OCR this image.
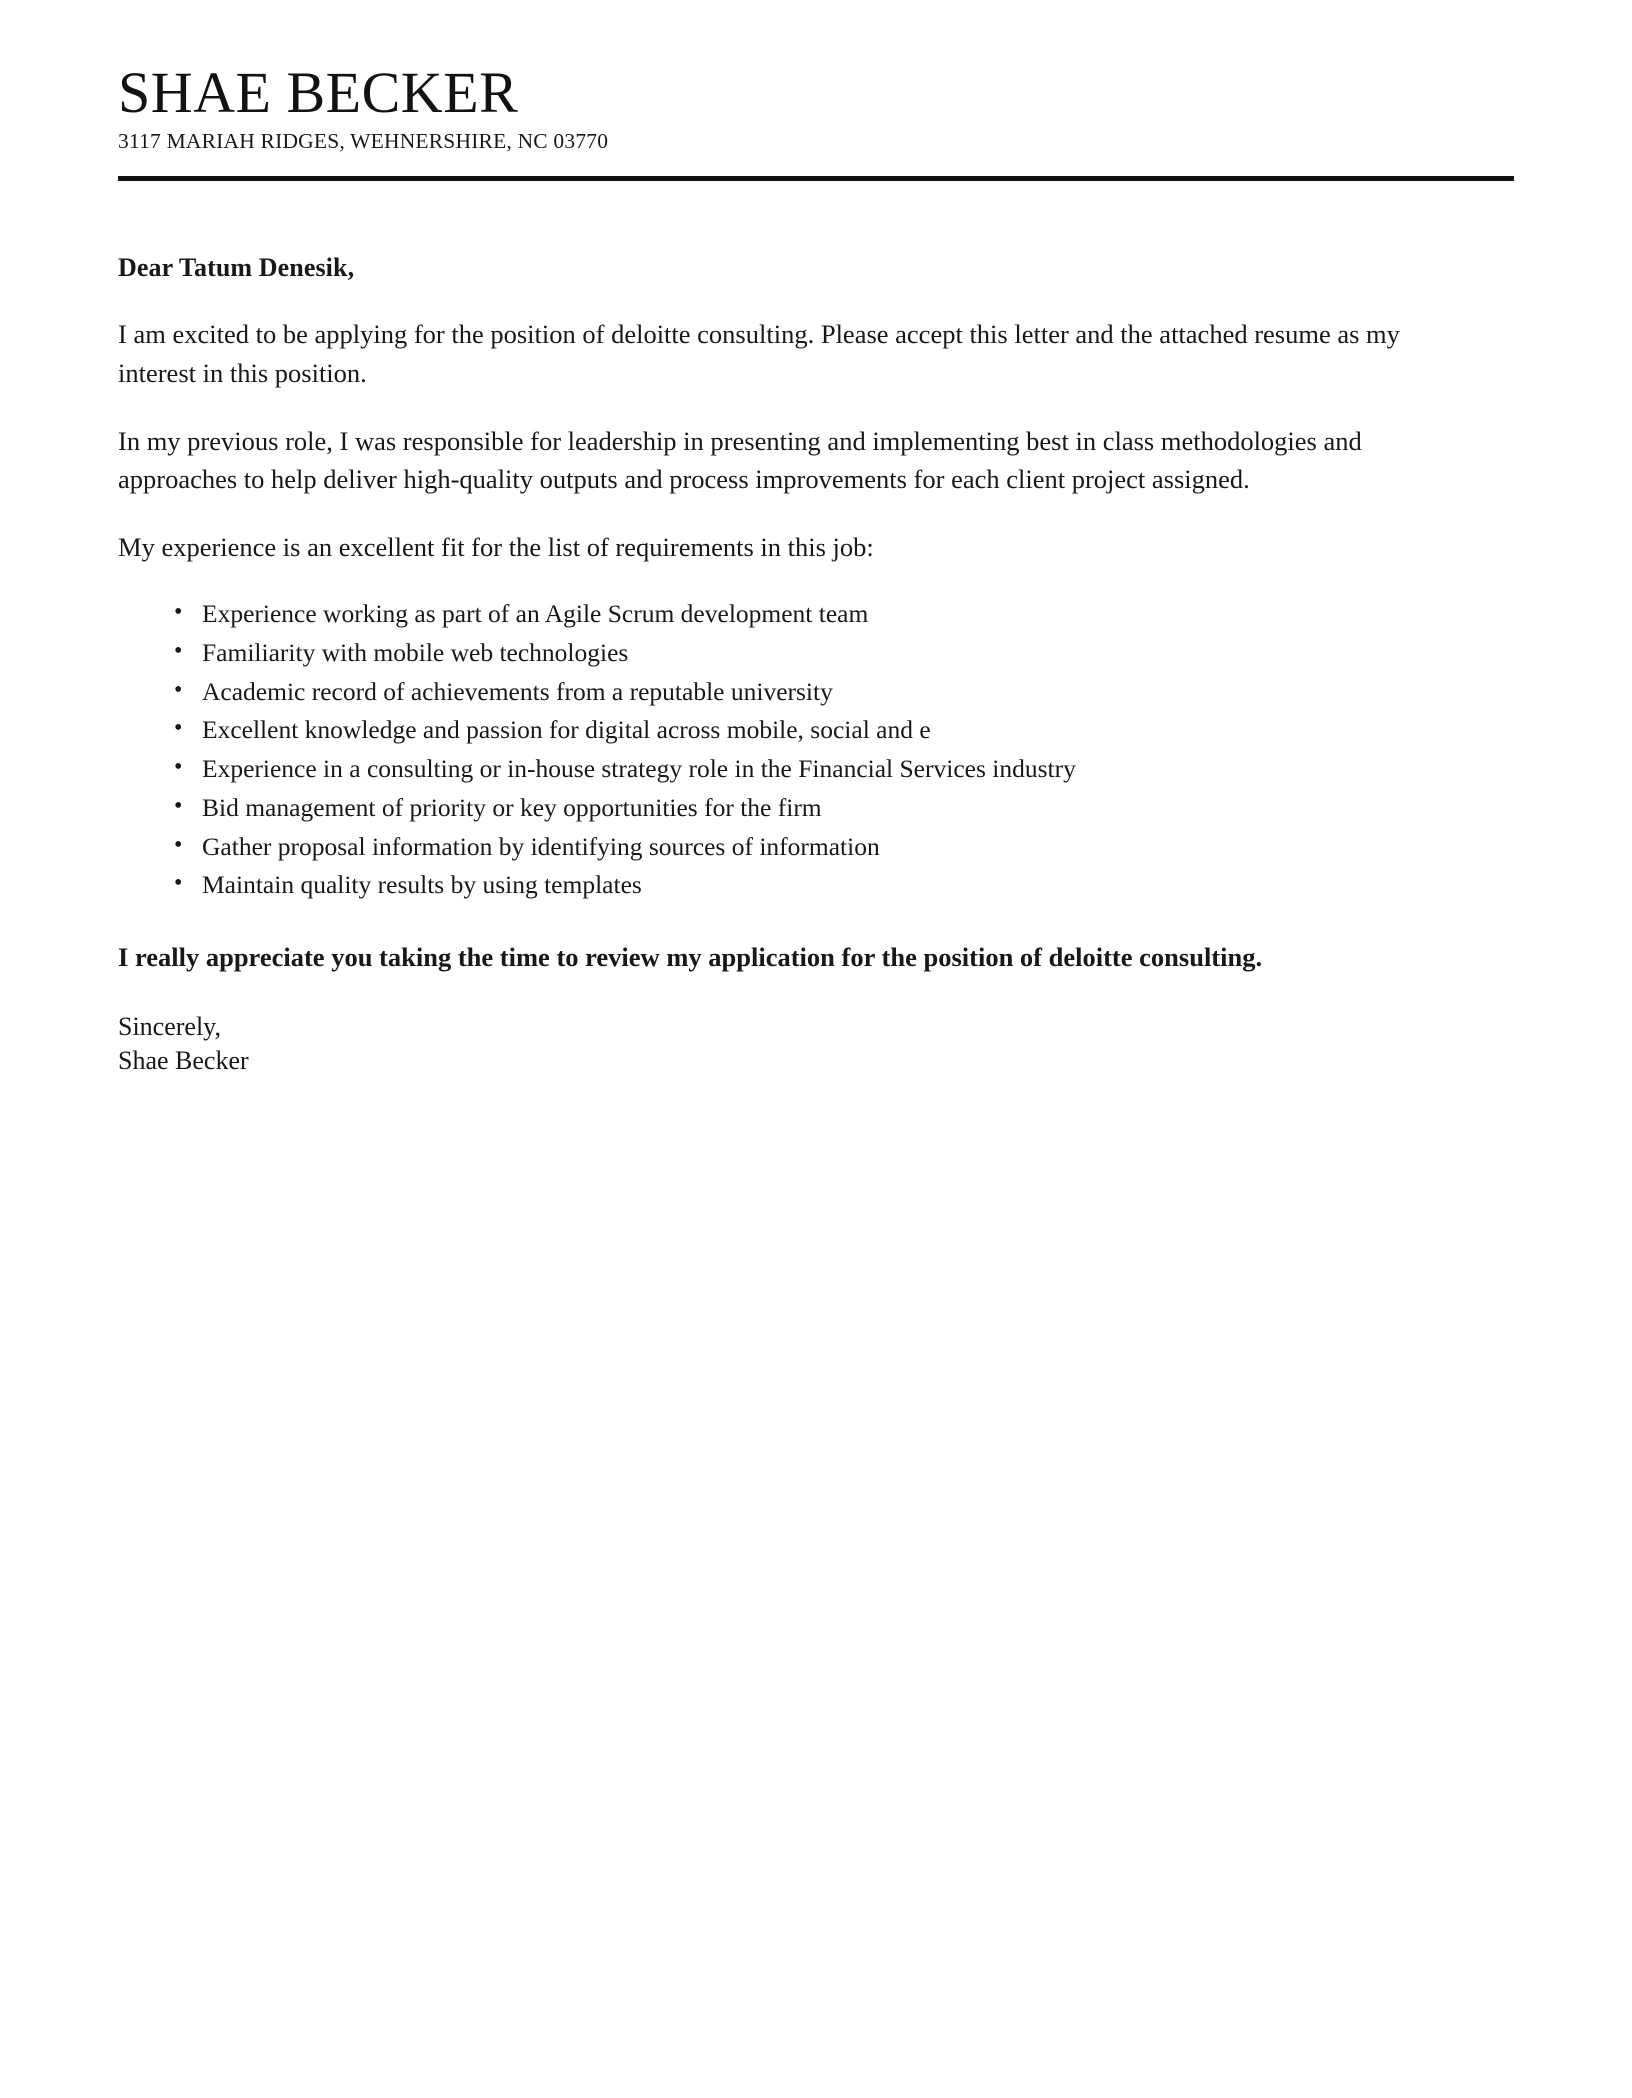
SHAE BECKER

3117 MARIAH RIDGES, WEHNERSHIRE, NC 03770

Dear Tatum Denesik,

I am excited to be applying for the position of deloitte consulting. Please accept this letter and the attached resume as my interest in this position.

In my previous role, I was responsible for leadership in presenting and implementing best in class methodologies and approaches to help deliver high-quality outputs and process improvements for each client project assigned.

My experience is an excellent fit for the list of requirements in this job:

• Experience working as part of an Agile Scrum development team
• Familiarity with mobile web technologies
• Academic record of achievements from a reputable university
• Excellent knowledge and passion for digital across mobile, social and e
• Experience in a consulting or in-house strategy role in the Financial Services industry
• Bid management of priority or key opportunities for the firm
• Gather proposal information by identifying sources of information
• Maintain quality results by using templates

I really appreciate you taking the time to review my application for the position of deloitte consulting.

Sincerely,
Shae Becker
